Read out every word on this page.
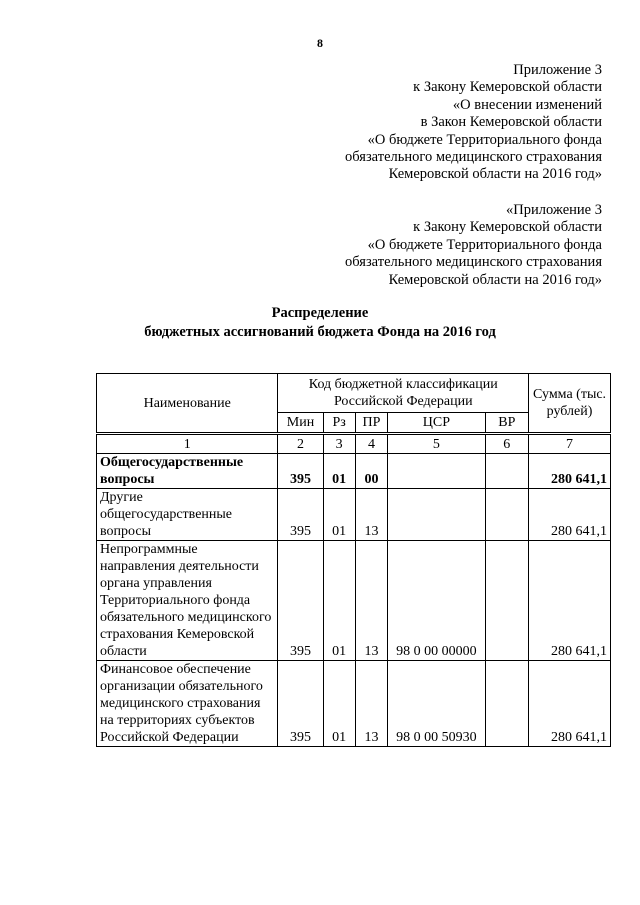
8
Приложение 3
к Закону Кемеровской области
«О внесении изменений
в Закон Кемеровской области
«О бюджете Территориального фонда
обязательного медицинского страхования
Кемеровской области на 2016 год»
«Приложение 3
к Закону Кемеровской области
«О бюджете Территориального фонда
обязательного медицинского страхования
Кемеровской области на 2016 год»
Распределение
бюджетных ассигнований бюджета Фонда на 2016 год
Наименование	Код бюджетной классификации Российской Федерации					Сумма (тыс. рублей)
	Мин	Рз	ПР	ЦСР	ВР	
1	2	3	4	5	6	7
Общегосударственные вопросы	395	01	00			280 641,1
Другие общегосударственные вопросы	395	01	13			280 641,1
Непрограммные направления деятельности органа управления Территориального фонда обязательного медицинского страхования Кемеровской области	395	01	13	98 0 00 00000		280 641,1
Финансовое обеспечение организации обязательного медицинского страхования на территориях субъектов Российской Федерации	395	01	13	98 0 00 50930		280 641,1
